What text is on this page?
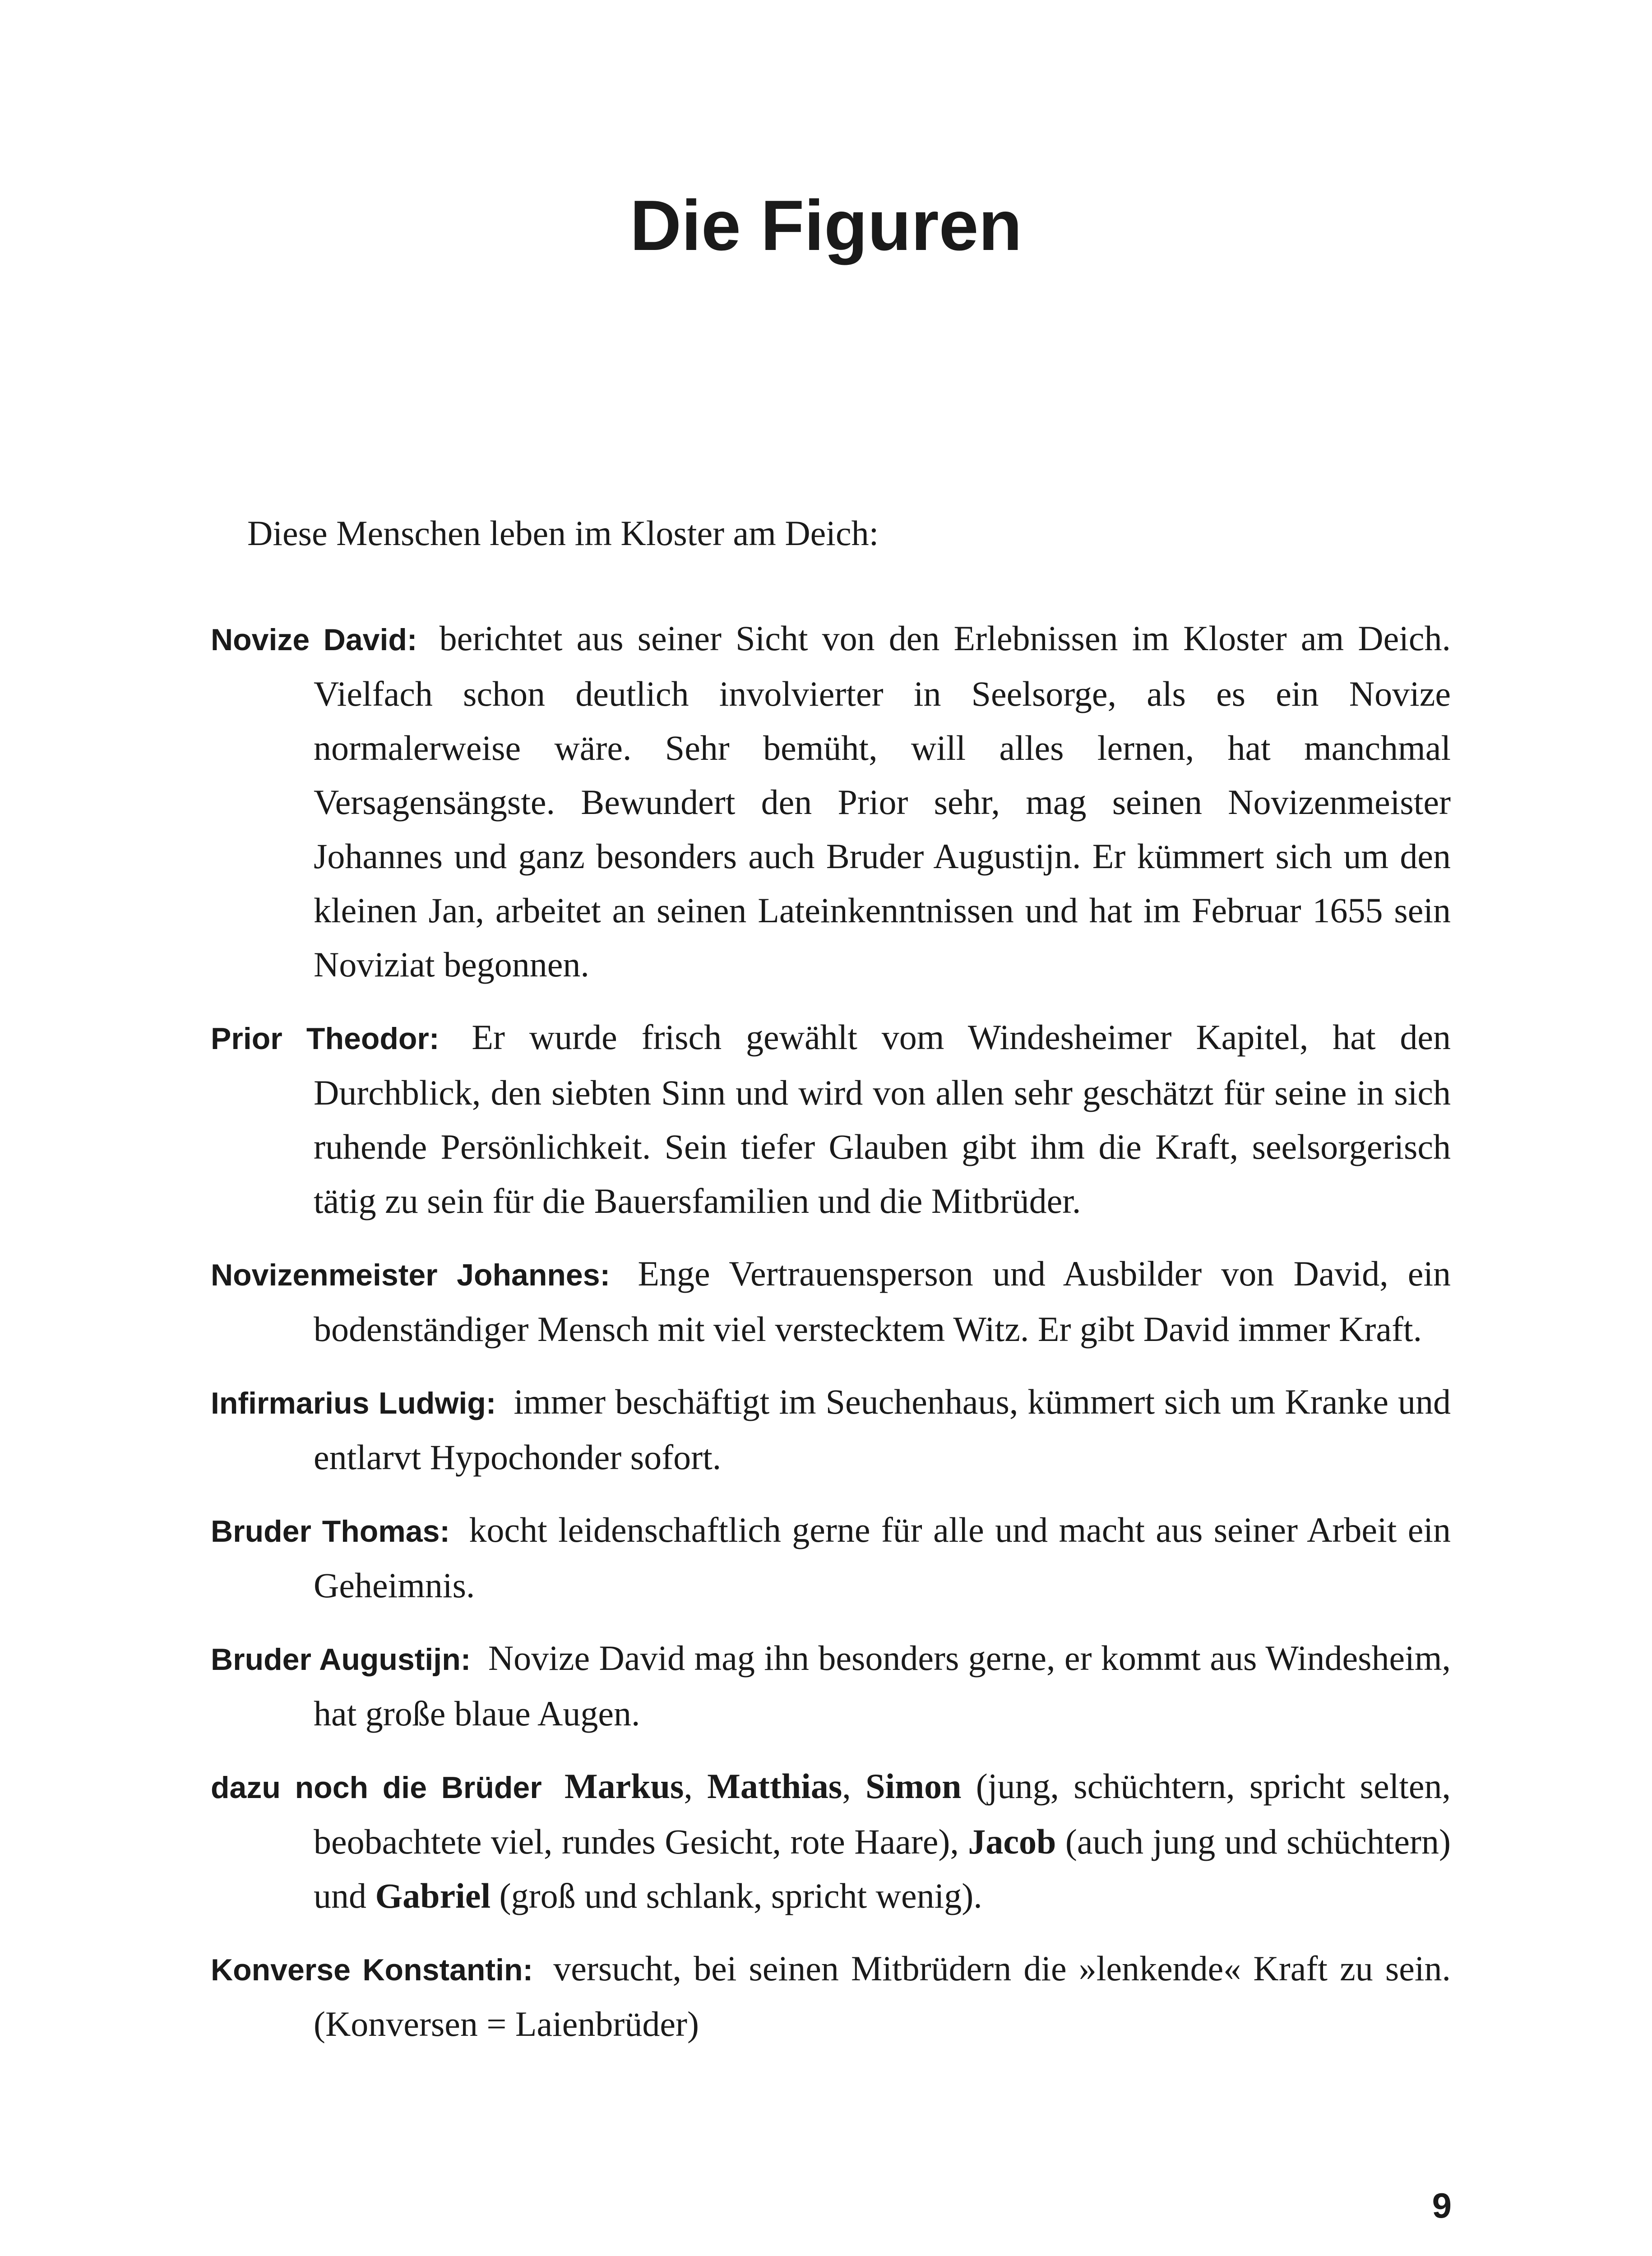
Die Figuren

Diese Menschen leben im Kloster am Deich:

Novize David: berichtet aus seiner Sicht von den Erlebnissen im Kloster am Deich. Vielfach schon deutlich involvierter in Seelsorge, als es ein Novize normalerweise wäre. Sehr bemüht, will alles lernen, hat manchmal Versagensängste. Bewundert den Prior sehr, mag seinen Novizenmeister Johannes und ganz besonders auch Bruder Augustijn. Er kümmert sich um den kleinen Jan, arbeitet an seinen Lateinkenntnissen und hat im Februar 1655 sein Noviziat begonnen.

Prior Theodor: Er wurde frisch gewählt vom Windesheimer Kapitel, hat den Durchblick, den siebten Sinn und wird von allen sehr geschätzt für seine in sich ruhende Persönlichkeit. Sein tiefer Glauben gibt ihm die Kraft, seelsorgerisch tätig zu sein für die Bauersfamilien und die Mitbrüder.

Novizenmeister Johannes: Enge Vertrauensperson und Ausbilder von David, ein bodenständiger Mensch mit viel verstecktem Witz. Er gibt David immer Kraft.

Infirmarius Ludwig: immer beschäftigt im Seuchenhaus, kümmert sich um Kranke und entlarvt Hypochonder sofort.

Bruder Thomas: kocht leidenschaftlich gerne für alle und macht aus seiner Arbeit ein Geheimnis.

Bruder Augustijn: Novize David mag ihn besonders gerne, er kommt aus Windesheim, hat große blaue Augen.

dazu noch die Brüder Markus, Matthias, Simon (jung, schüchtern, spricht selten, beobachtete viel, rundes Gesicht, rote Haare), Jacob (auch jung und schüchtern) und Gabriel (groß und schlank, spricht wenig).

Konverse Konstantin: versucht, bei seinen Mitbrüdern die »lenkende« Kraft zu sein. (Konversen = Laienbrüder)

9
